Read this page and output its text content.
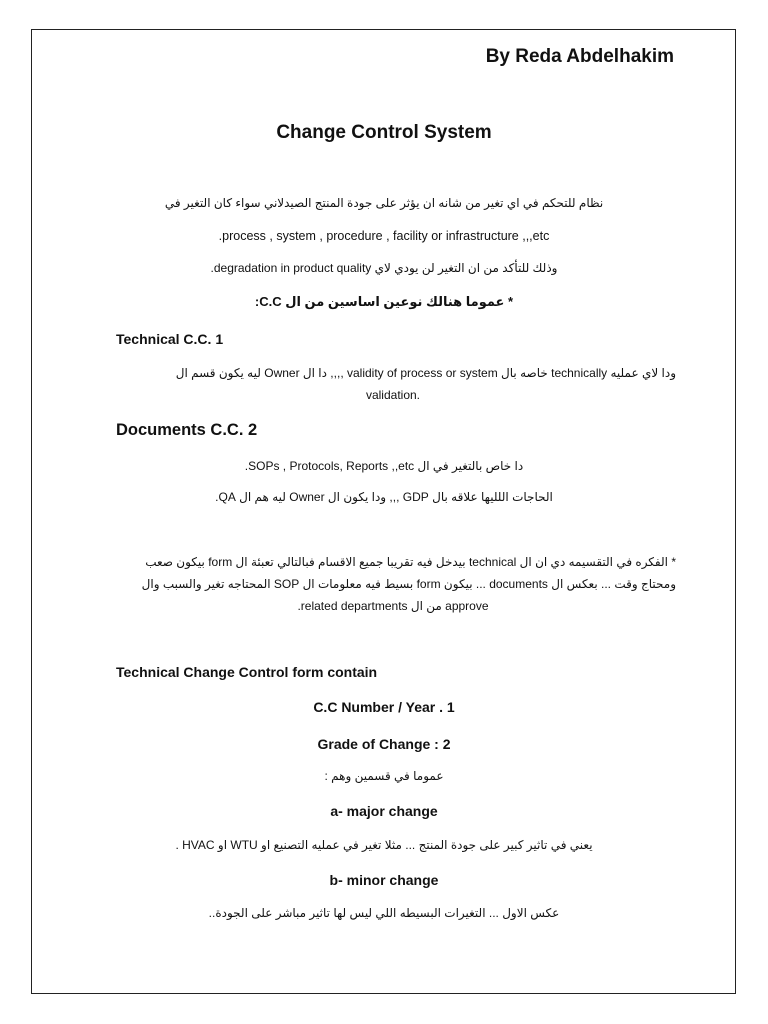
By Reda Abdelhakim
Change Control System
نظام للتحكم في اي تغير من شانه ان يؤثر على جودة المنتج الصيدلاني سواء كان التغير في
.process , system , procedure , facility or infrastructure ,,,etc
وذلك للتأكد من ان التغير لن يودي لاي degradation in product quality.
* عموما هنالك نوعين اساسين من ال C.C:
Technical C.C. 1
ودا لاي عمليه technically خاصه بال validity of process or system ,,,, دا ال Owner ليه يكون قسم ال

.validation
Documents C.C. 2
دا خاص بالتغير في ال SOPs , Protocols, Reports ,,etc.
الحاجات اللليها علاقه بال GDP ,,, ودا يكون ال Owner ليه هم ال QA.
* الفكره في التقسيمه دي ان ال technical بيدخل فيه تقريبا جميع الاقسام فبالتالي تعبئة ال form بيكون صعب
ومحتاج وقت ... بعكس ال documents ... بيكون form بسيط فيه معلومات ال SOP المحتاجه تغير والسبب وال

approve من ال related departments.
Technical Change Control form contain
C.C Number / Year . 1
Grade of Change : 2
عموما في قسمين وهم :
a- major change
يعني في تاثير كبير على جودة المنتج ... مثلا تغير في عمليه التصنيع او WTU او HVAC .
b- minor change
عكس الاول ... التغيرات البسيطه اللي ليس لها تاثير مباشر على الجودة..
